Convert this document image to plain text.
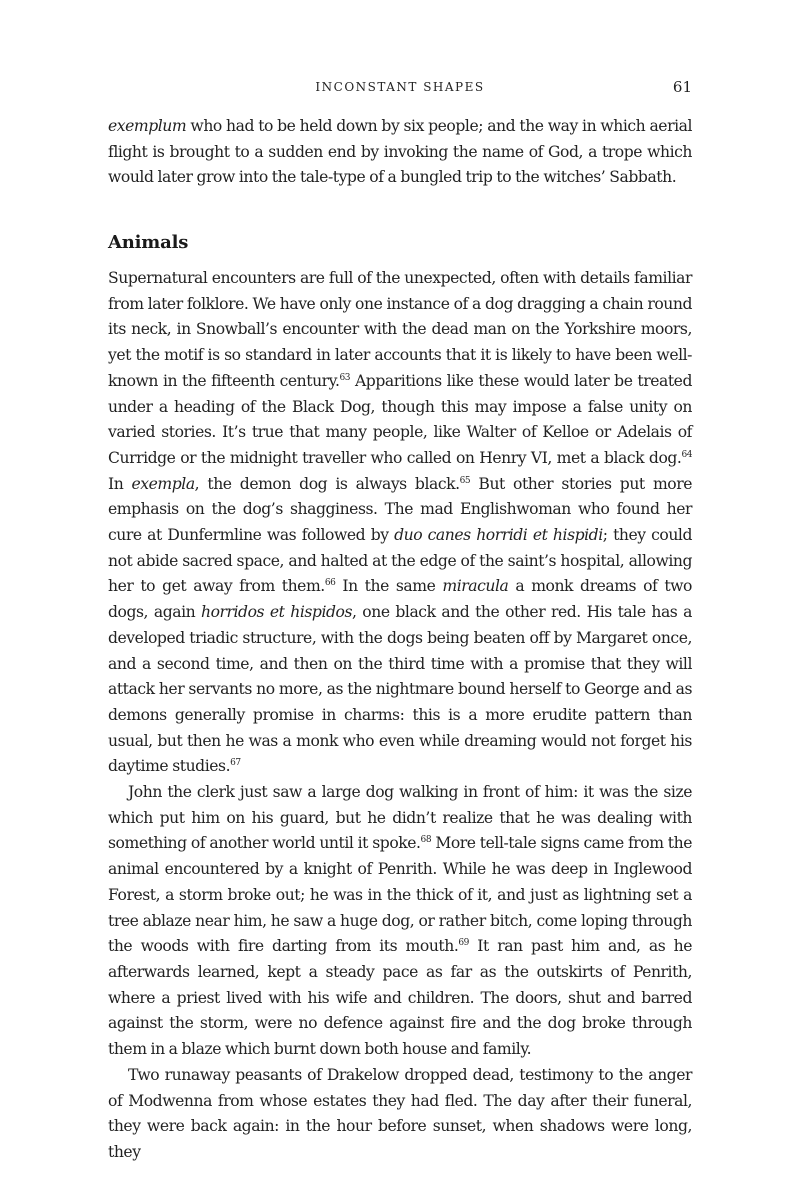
INCONSTANT SHAPES	61

exemplum who had to be held down by six people; and the way in which aerial flight is brought to a sudden end by invoking the name of God, a trope which would later grow into the tale-type of a bungled trip to the witches’ Sabbath.

Animals

Supernatural encounters are full of the unexpected, often with details familiar from later folklore. We have only one instance of a dog dragging a chain round its neck, in Snowball’s encounter with the dead man on the Yorkshire moors, yet the motif is so standard in later accounts that it is likely to have been well-known in the fifteenth century.$^{63}$ Apparitions like these would later be treated under a heading of the Black Dog, though this may impose a false unity on varied stories. It’s true that many people, like Walter of Kelloe or Adelais of Curridge or the midnight traveller who called on Henry VI, met a black dog.$^{64}$ In exempla, the demon dog is always black.$^{65}$ But other stories put more emphasis on the dog’s shagginess. The mad Englishwoman who found her cure at Dunfermline was followed by duo canes horridi et hispidi; they could not abide sacred space, and halted at the edge of the saint’s hospital, allowing her to get away from them.$^{66}$ In the same miracula a monk dreams of two dogs, again horridos et hispidos, one black and the other red. His tale has a developed triadic structure, with the dogs being beaten off by Margaret once, and a second time, and then on the third time with a promise that they will attack her servants no more, as the nightmare bound herself to George and as demons generally promise in charms: this is a more erudite pattern than usual, but then he was a monk who even while dreaming would not forget his daytime studies.$^{67}$

John the clerk just saw a large dog walking in front of him: it was the size which put him on his guard, but he didn’t realize that he was dealing with something of another world until it spoke.$^{68}$ More tell-tale signs came from the animal encountered by a knight of Penrith. While he was deep in Inglewood Forest, a storm broke out; he was in the thick of it, and just as lightning set a tree ablaze near him, he saw a huge dog, or rather bitch, come loping through the woods with fire darting from its mouth.$^{69}$ It ran past him and, as he afterwards learned, kept a steady pace as far as the outskirts of Penrith, where a priest lived with his wife and children. The doors, shut and barred against the storm, were no defence against fire and the dog broke through them in a blaze which burnt down both house and family.

Two runaway peasants of Drakelow dropped dead, testimony to the anger of Modwenna from whose estates they had fled. The day after their funeral, they were back again: in the hour before sunset, when shadows were long, they
